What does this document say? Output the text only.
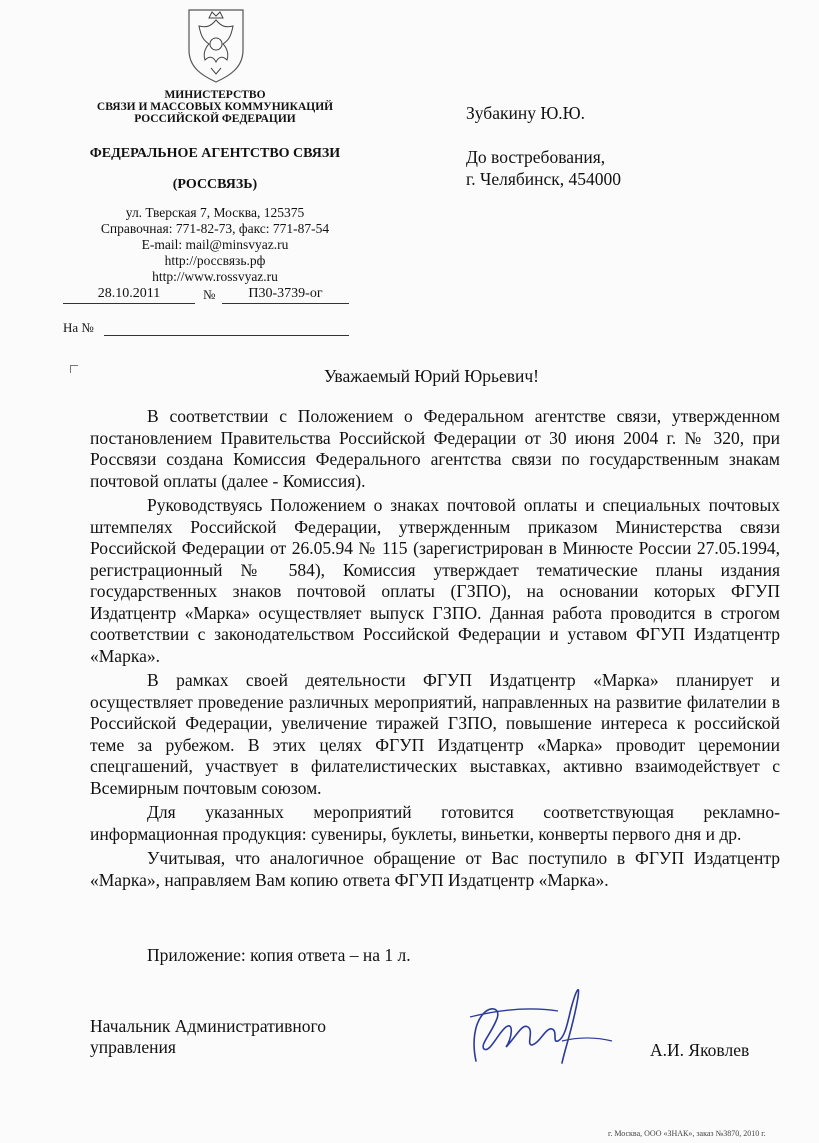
МИНИСТЕРСТВО
СВЯЗИ И МАССОВЫХ КОММУНИКАЦИЙ
РОССИЙСКОЙ ФЕДЕРАЦИИ
ФЕДЕРАЛЬНОЕ АГЕНТСТВО СВЯЗИ
(РОССВЯЗЬ)
ул. Тверская 7, Москва, 125375
Справочная: 771-82-73, факс: 771-87-54
E-mail: mail@minsvyaz.ru
http://россвязь.рф
http://www.rossvyaz.ru
28.10.2011	№	П30-3739-ог
На №
Зубакину Ю.Ю.
До востребования,
г. Челябинск, 454000
Уважаемый Юрий Юрьевич!

В соответствии с Положением о Федеральном агентстве связи, утвержденном постановлением Правительства Российской Федерации от 30 июня 2004 г. № 320, при Россвязи создана Комиссия Федерального агентства связи по государственным знакам почтовой оплаты (далее - Комиссия).

Руководствуясь Положением о знаках почтовой оплаты и специальных почтовых штемпелях Российской Федерации, утвержденным приказом Министерства связи Российской Федерации от 26.05.94 № 115 (зарегистрирован в Минюсте России 27.05.1994, регистрационный № 584), Комиссия утверждает тематические планы издания государственных знаков почтовой оплаты (ГЗПО), на основании которых ФГУП Издатцентр «Марка» осуществляет выпуск ГЗПО. Данная работа проводится в строгом соответствии с законодательством Российской Федерации и уставом ФГУП Издатцентр «Марка».

В рамках своей деятельности ФГУП Издатцентр «Марка» планирует и осуществляет проведение различных мероприятий, направленных на развитие филателии в Российской Федерации, увеличение тиражей ГЗПО, повышение интереса к российской теме за рубежом. В этих целях ФГУП Издатцентр «Марка» проводит церемонии спецгашений, участвует в филателистических выставках, активно взаимодействует с Всемирным почтовым союзом.

Для указанных мероприятий готовится соответствующая рекламно-информационная продукция: сувениры, буклеты, виньетки, конверты первого дня и др.

Учитывая, что аналогичное обращение от Вас поступило в ФГУП Издатцентр «Марка», направляем Вам копию ответа ФГУП Издатцентр «Марка».

Приложение: копия ответа – на 1 л.
Начальник Административного
управления	А.И. Яковлев
г. Москва, ООО «ЗНАК», заказ №3870, 2010 г.
